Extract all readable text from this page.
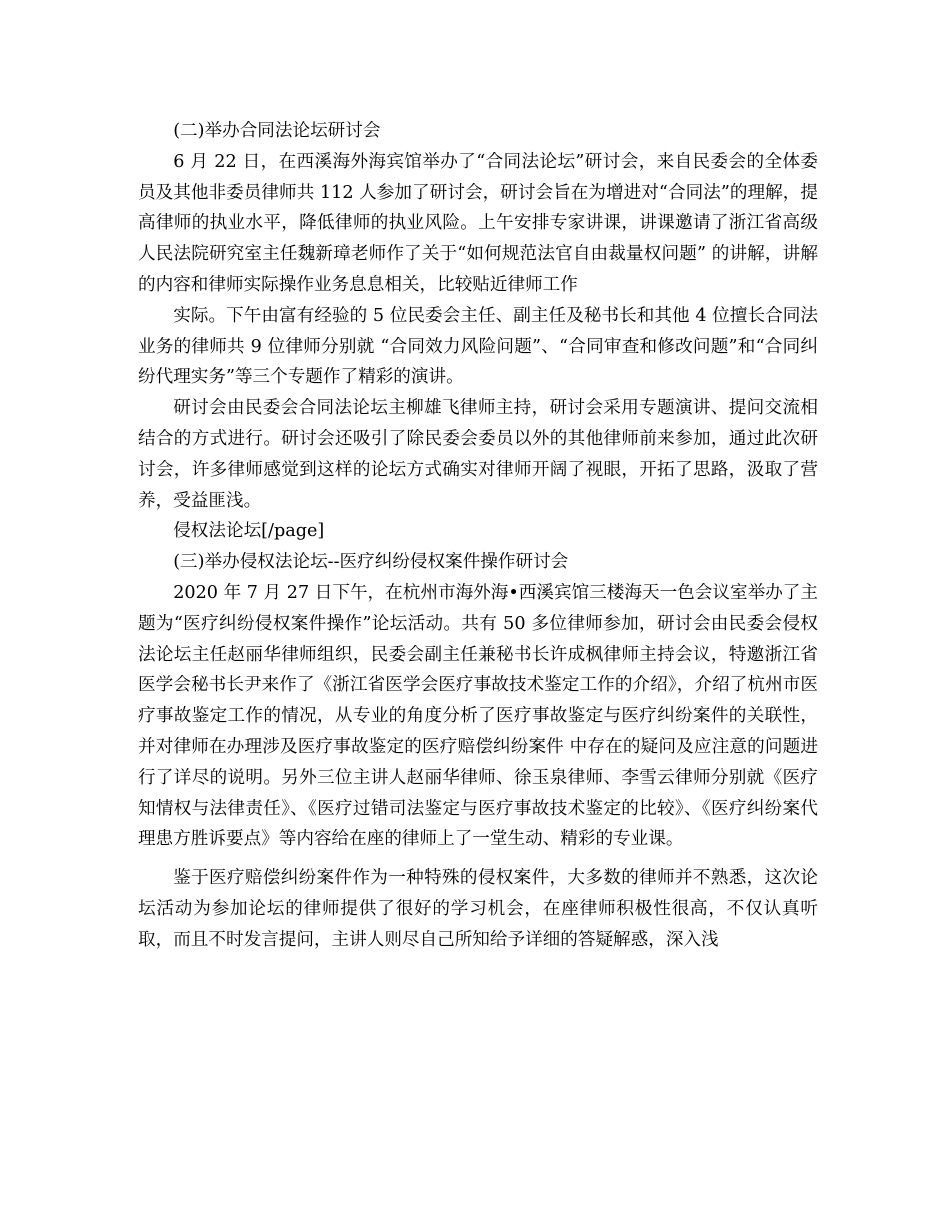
(二)举办合同法论坛研讨会

6 月 22 日，在西溪海外海宾馆举办了“合同法论坛”研讨会，来自民委会的全体委员及其他非委员律师共 112 人参加了研讨会，研讨会旨在为增进对“合同法”的理解，提高律师的执业水平，降低律师的执业风险。上午安排专家讲课，讲课邀请了浙江省高级人民法院研究室主任魏新璋老师作了关于“如何规范法官自由裁量权问题” 的讲解，讲解的内容和律师实际操作业务息息相关，比较贴近律师工作

实际。下午由富有经验的 5 位民委会主任、副主任及秘书长和其他 4 位擅长合同法业务的律师共 9 位律师分别就 “合同效力风险问题”、“合同审查和修改问题”和“合同纠纷代理实务”等三个专题作了精彩的演讲。

研讨会由民委会合同法论坛主柳雄飞律师主持，研讨会采用专题演讲、提问交流相结合的方式进行。研讨会还吸引了除民委会委员以外的其他律师前来参加，通过此次研讨会，许多律师感觉到这样的论坛方式确实对律师开阔了视眼，开拓了思路，汲取了营养，受益匪浅。

侵权法论坛[/page]

(三)举办侵权法论坛--医疗纠纷侵权案件操作研讨会

2020 年 7 月 27 日下午，在杭州市海外海•西溪宾馆三楼海天一色会议室举办了主题为“医疗纠纷侵权案件操作”论坛活动。共有 50 多位律师参加，研讨会由民委会侵权法论坛主任赵丽华律师组织，民委会副主任兼秘书长许成枫律师主持会议，特邀浙江省医学会秘书长尹来作了《浙江省医学会医疗事故技术鉴定工作的介绍》，介绍了杭州市医疗事故鉴定工作的情况，从专业的角度分析了医疗事故鉴定与医疗纠纷案件的关联性，并对律师在办理涉及医疗事故鉴定的医疗赔偿纠纷案件 中存在的疑问及应注意的问题进行了详尽的说明。另外三位主讲人赵丽华律师、徐玉泉律师、李雪云律师分别就《医疗知情权与法律责任》、《医疗过错司法鉴定与医疗事故技术鉴定的比较》、《医疗纠纷案代理患方胜诉要点》等内容给在座的律师上了一堂生动、精彩的专业课。

鉴于医疗赔偿纠纷案件作为一种特殊的侵权案件，大多数的律师并不熟悉，这次论坛活动为参加论坛的律师提供了很好的学习机会，在座律师积极性很高，不仅认真听取，而且不时发言提问，主讲人则尽自己所知给予详细的答疑解惑，深入浅
